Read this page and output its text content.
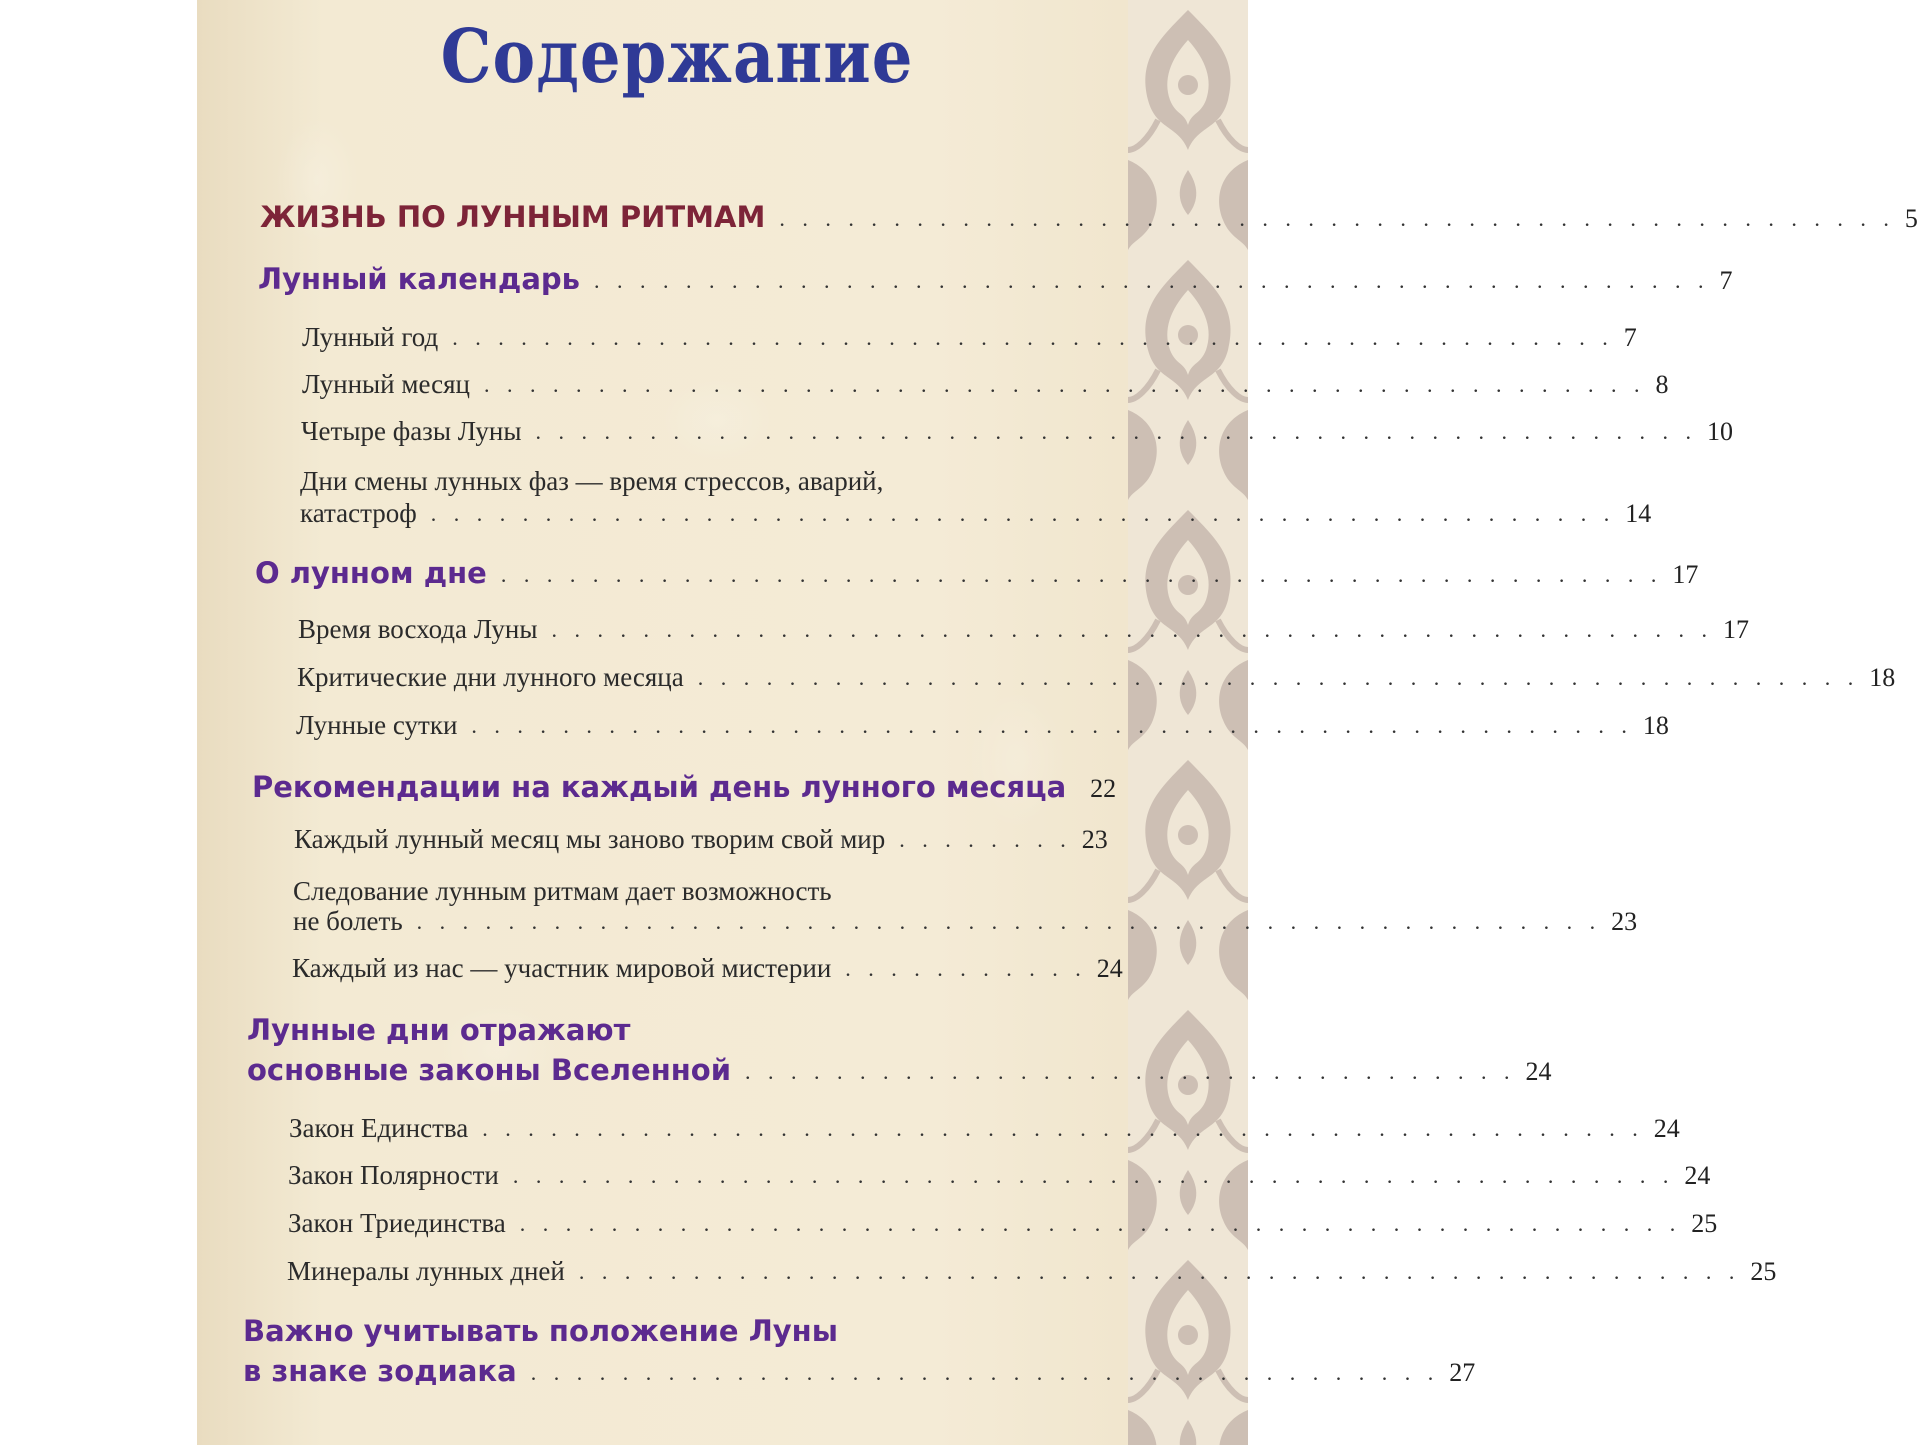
Содержание
ЖИЗНЬ ПО ЛУННЫМ РИТМАМ . . . . . . . . . . . . . . . . . . . . . . . . . . . . . . . . . . . . . . . . . . . . . . . . . 5
Лунный календарь . . . . . . . . . . . . . . . . . . . . . . . . . . . . . . . . . . . . . . . . . . . . . . . . . 7
Лунный год . . . . . . . . . . . . . . . . . . . . . . . . . . . . . . . . . . . . . . . . . . . . . . . . . . . 7
Лунный месяц . . . . . . . . . . . . . . . . . . . . . . . . . . . . . . . . . . . . . . . . . . . . . . . . . . . 8
Четыре фазы Луны . . . . . . . . . . . . . . . . . . . . . . . . . . . . . . . . . . . . . . . . . . . . . . . . . . . 10
Дни смены лунных фаз — время стрессов, аварий,
катастроф . . . . . . . . . . . . . . . . . . . . . . . . . . . . . . . . . . . . . . . . . . . . . . . . . . . . 14
О лунном дне . . . . . . . . . . . . . . . . . . . . . . . . . . . . . . . . . . . . . . . . . . . . . . . . . . . 17
Время восхода Луны . . . . . . . . . . . . . . . . . . . . . . . . . . . . . . . . . . . . . . . . . . . . . . . . . . . 17
Критические дни лунного месяца . . . . . . . . . . . . . . . . . . . . . . . . . . . . . . . . . . . . . . . . . . . . . . . . . . . 18
Лунные сутки . . . . . . . . . . . . . . . . . . . . . . . . . . . . . . . . . . . . . . . . . . . . . . . . . . . 18
Рекомендации на каждый день лунного месяца 22
Каждый лунный месяц мы заново творим свой мир . . . . . . . . 23
Следование лунным ритмам дает возможность
не болеть . . . . . . . . . . . . . . . . . . . . . . . . . . . . . . . . . . . . . . . . . . . . . . . . . . . . 23
Каждый из нас — участник мировой мистерии . . . . . . . . . . . 24
Лунные дни отражают
основные законы Вселенной . . . . . . . . . . . . . . . . . . . . . . . . . . . . . . . . . . 24
Закон Единства . . . . . . . . . . . . . . . . . . . . . . . . . . . . . . . . . . . . . . . . . . . . . . . . . . . 24
Закон Полярности . . . . . . . . . . . . . . . . . . . . . . . . . . . . . . . . . . . . . . . . . . . . . . . . . . . 24
Закон Триединства . . . . . . . . . . . . . . . . . . . . . . . . . . . . . . . . . . . . . . . . . . . . . . . . . . . 25
Минералы лунных дней . . . . . . . . . . . . . . . . . . . . . . . . . . . . . . . . . . . . . . . . . . . . . . . . . . . 25
Важно учитывать положение Луны
в знаке зодиака . . . . . . . . . . . . . . . . . . . . . . . . . . . . . . . . . . . . . . . . 27
